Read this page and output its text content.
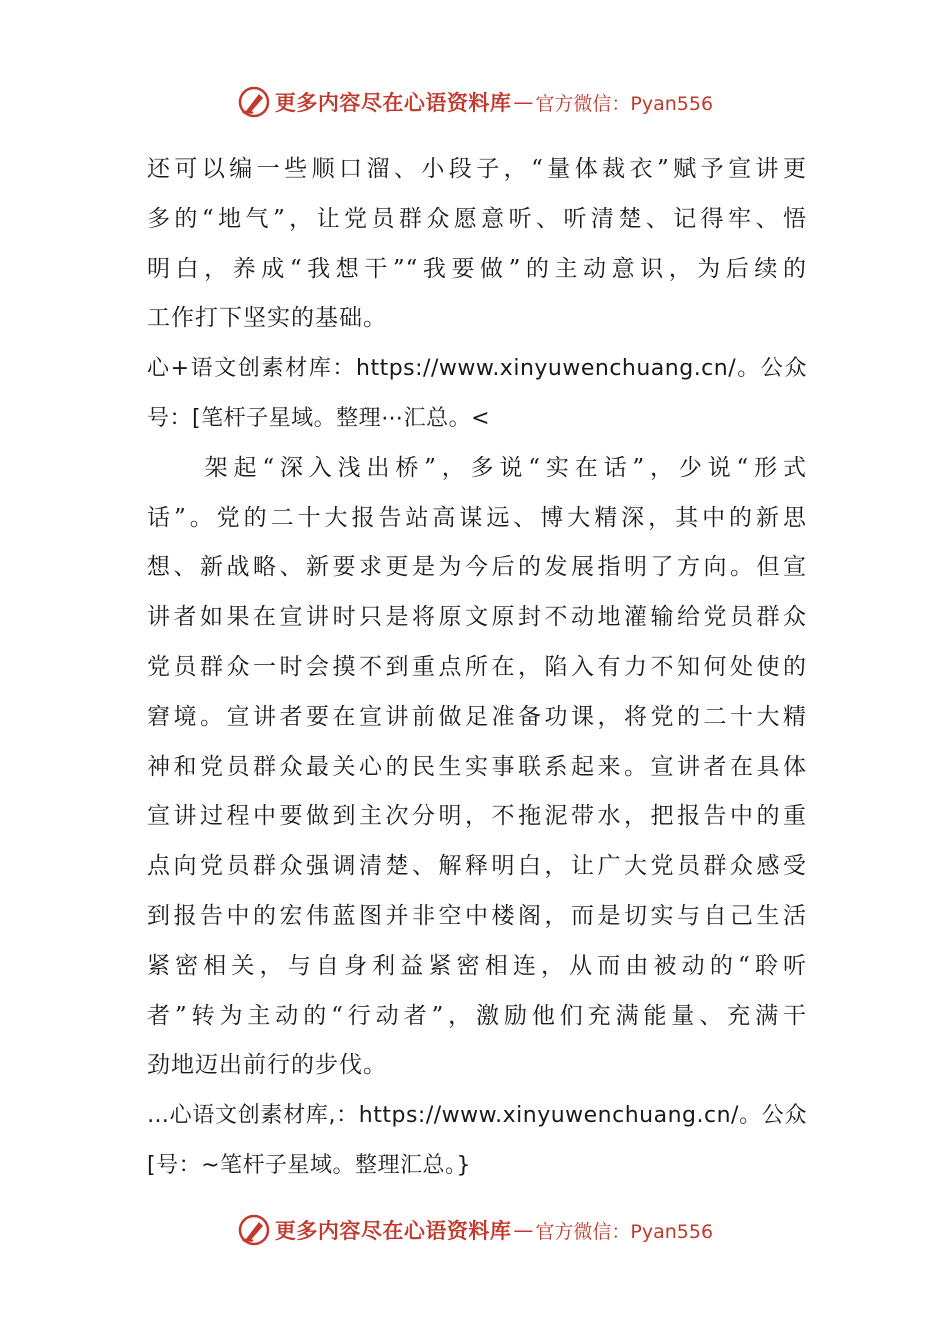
更多内容尽在心语资料库 — 官方微信：Pyan556
还可以编一些顺口溜、小段子，“量体裁衣”赋予宣讲更
多的“地气”，让党员群众愿意听、听清楚、记得牢、悟
明白，养成“我想干”“我要做”的主动意识，为后续的
工作打下坚实的基础。
心+语文创素材库：https://www.xinyuwenchuang.cn/。公众
号：[笔杆子星域。整理⋯汇总。<
　　架起“深入浅出桥”，多说“实在话”，少说“形式
话”。党的二十大报告站高谋远、博大精深，其中的新思
想、新战略、新要求更是为今后的发展指明了方向。但宣
讲者如果在宣讲时只是将原文原封不动地灌输给党员群众
党员群众一时会摸不到重点所在，陷入有力不知何处使的
窘境。宣讲者要在宣讲前做足准备功课，将党的二十大精
神和党员群众最关心的民生实事联系起来。宣讲者在具体
宣讲过程中要做到主次分明，不拖泥带水，把报告中的重
点向党员群众强调清楚、解释明白，让广大党员群众感受
到报告中的宏伟蓝图并非空中楼阁，而是切实与自己生活
紧密相关，与自身利益紧密相连，从而由被动的“聆听
者”转为主动的“行动者”，激励他们充满能量、充满干
劲地迈出前行的步伐。
…心语文创素材库,：https://www.xinyuwenchuang.cn/。公众
[号：~笔杆子星域。整理汇总。}
更多内容尽在心语资料库 — 官方微信：Pyan556
